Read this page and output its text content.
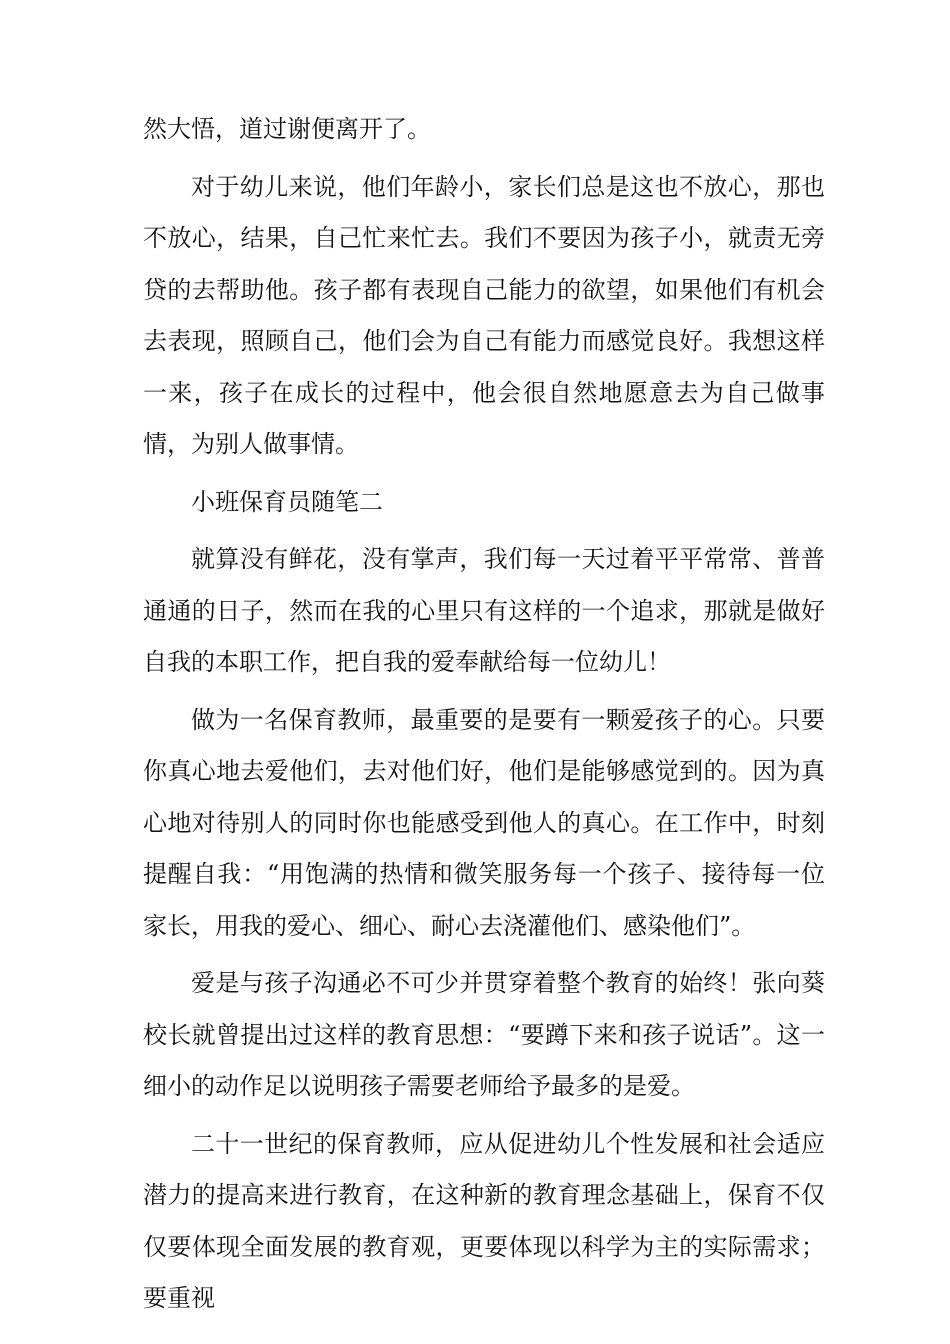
然大悟，道过谢便离开了。

对于幼儿来说，他们年龄小，家长们总是这也不放心，那也不放心，结果，自己忙来忙去。我们不要因为孩子小，就责无旁贷的去帮助他。孩子都有表现自己能力的欲望，如果他们有机会去表现，照顾自己，他们会为自己有能力而感觉良好。我想这样一来，孩子在成长的过程中，他会很自然地愿意去为自己做事情，为别人做事情。

小班保育员随笔二

就算没有鲜花，没有掌声，我们每一天过着平平常常、普普通通的日子，然而在我的心里只有这样的一个追求，那就是做好自我的本职工作，把自我的爱奉献给每一位幼儿！

做为一名保育教师，最重要的是要有一颗爱孩子的心。只要你真心地去爱他们，去对他们好，他们是能够感觉到的。因为真心地对待别人的同时你也能感受到他人的真心。在工作中，时刻提醒自我：“用饱满的热情和微笑服务每一个孩子、接待每一位家长，用我的爱心、细心、耐心去浇灌他们、感染他们”。

爱是与孩子沟通必不可少并贯穿着整个教育的始终！张向葵校长就曾提出过这样的教育思想：“要蹲下来和孩子说话”。这一细小的动作足以说明孩子需要老师给予最多的是爱。

二十一世纪的保育教师，应从促进幼儿个性发展和社会适应潜力的提高来进行教育，在这种新的教育理念基础上，保育不仅仅要体现全面发展的教育观，更要体现以科学为主的实际需求；要重视
